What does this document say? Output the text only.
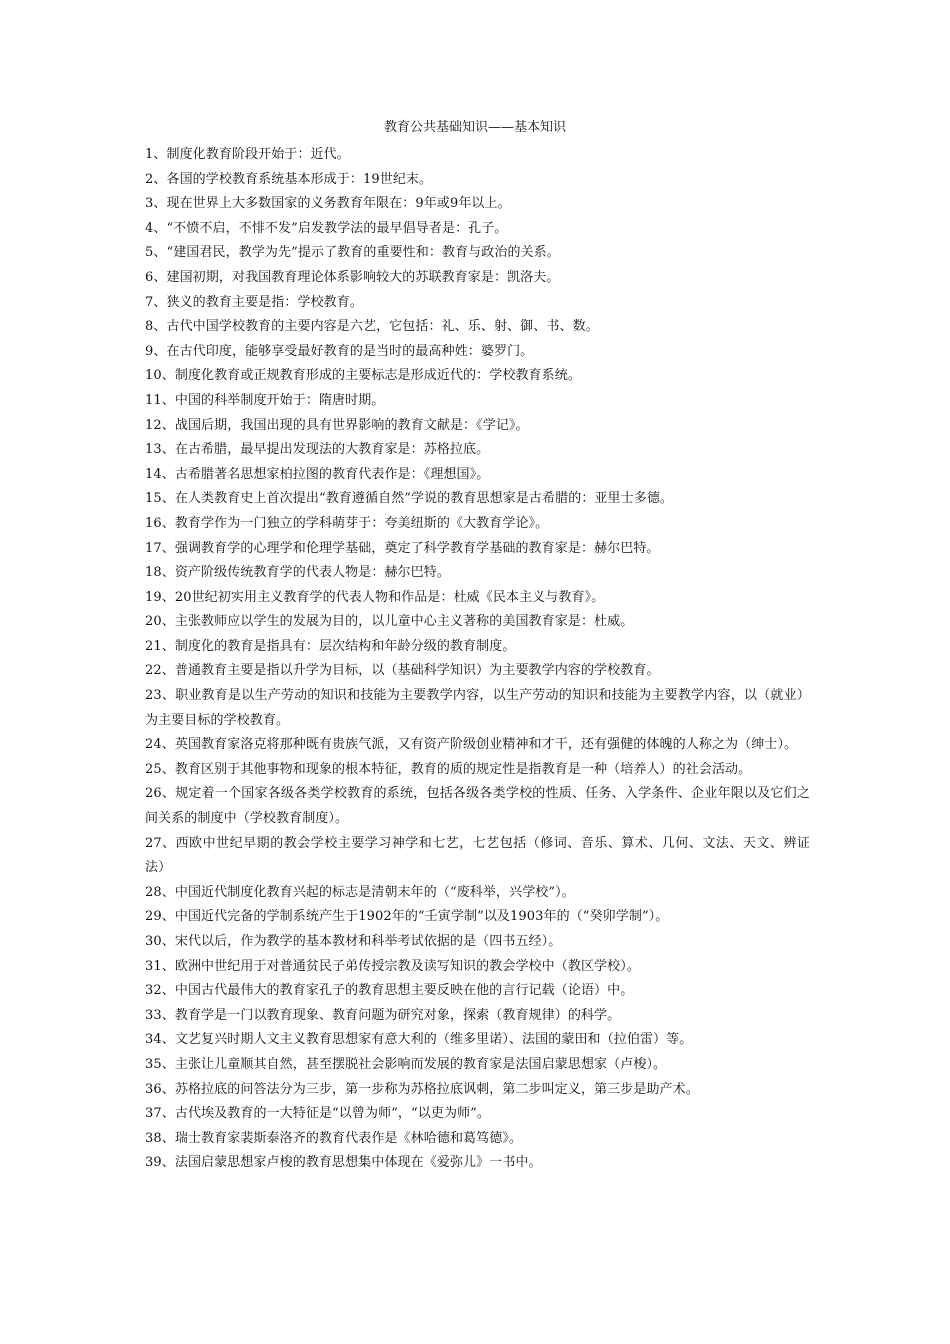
教育公共基础知识——基本知识
1、制度化教育阶段开始于：近代。
2、各国的学校教育系统基本形成于：19世纪末。
3、现在世界上大多数国家的义务教育年限在：9年或9年以上。
4、“不愤不启，不悱不发”启发教学法的最早倡导者是：孔子。
5、“建国君民，教学为先”提示了教育的重要性和：教育与政治的关系。
6、建国初期，对我国教育理论体系影响较大的苏联教育家是：凯洛夫。
7、狭义的教育主要是指：学校教育。
8、古代中国学校教育的主要内容是六艺，它包括：礼、乐、射、御、书、数。
9、在古代印度，能够享受最好教育的是当时的最高种姓：婆罗门。
10、制度化教育或正规教育形成的主要标志是形成近代的：学校教育系统。
11、中国的科举制度开始于：隋唐时期。
12、战国后期，我国出现的具有世界影响的教育文献是：《学记》。
13、在古希腊，最早提出发现法的大教育家是：苏格拉底。
14、古希腊著名思想家柏拉图的教育代表作是：《理想国》。
15、在人类教育史上首次提出“教育遵循自然”学说的教育思想家是古希腊的：亚里士多德。
16、教育学作为一门独立的学科萌芽于：夸美纽斯的《大教育学论》。
17、强调教育学的心理学和伦理学基础，奠定了科学教育学基础的教育家是：赫尔巴特。
18、资产阶级传统教育学的代表人物是：赫尔巴特。
19、20世纪初实用主义教育学的代表人物和作品是：杜威《民本主义与教育》。
20、主张教师应以学生的发展为目的，以儿童中心主义著称的美国教育家是：杜威。
21、制度化的教育是指具有：层次结构和年龄分级的教育制度。
22、普通教育主要是指以升学为目标，以（基础科学知识）为主要教学内容的学校教育。
23、职业教育是以生产劳动的知识和技能为主要教学内容，以生产劳动的知识和技能为主要教学内容，以（就业）为主要目标的学校教育。
24、英国教育家洛克将那种既有贵族气派，又有资产阶级创业精神和才干，还有强健的体魄的人称之为（绅士）。
25、教育区别于其他事物和现象的根本特征，教育的质的规定性是指教育是一种（培养人）的社会活动。
26、规定着一个国家各级各类学校教育的系统，包括各级各类学校的性质、任务、入学条件、企业年限以及它们之间关系的制度中（学校教育制度）。
27、西欧中世纪早期的教会学校主要学习神学和七艺，七艺包括（修词、音乐、算术、几何、文法、天文、辨证法）
28、中国近代制度化教育兴起的标志是清朝末年的（“废科举，兴学校”）。
29、中国近代完备的学制系统产生于1902年的“壬寅学制”以及1903年的（“癸卯学制”）。
30、宋代以后，作为教学的基本教材和科举考试依据的是（四书五经）。
31、欧洲中世纪用于对普通贫民子弟传授宗教及读写知识的教会学校中（教区学校）。
32、中国古代最伟大的教育家孔子的教育思想主要反映在他的言行记载（论语）中。
33、教育学是一门以教育现象、教育问题为研究对象，探索（教育规律）的科学。
34、文艺复兴时期人文主义教育思想家有意大利的（维多里诺）、法国的蒙田和（拉伯雷）等。
35、主张让儿童顺其自然，甚至摆脱社会影响而发展的教育家是法国启蒙思想家（卢梭）。
36、苏格拉底的问答法分为三步，第一步称为苏格拉底讽刺，第二步叫定义，第三步是助产术。
37、古代埃及教育的一大特征是“以曾为师”，“以吏为师”。
38、瑞士教育家裴斯泰洛齐的教育代表作是《林哈德和葛笃德》。
39、法国启蒙思想家卢梭的教育思想集中体现在《爱弥儿》一书中。
